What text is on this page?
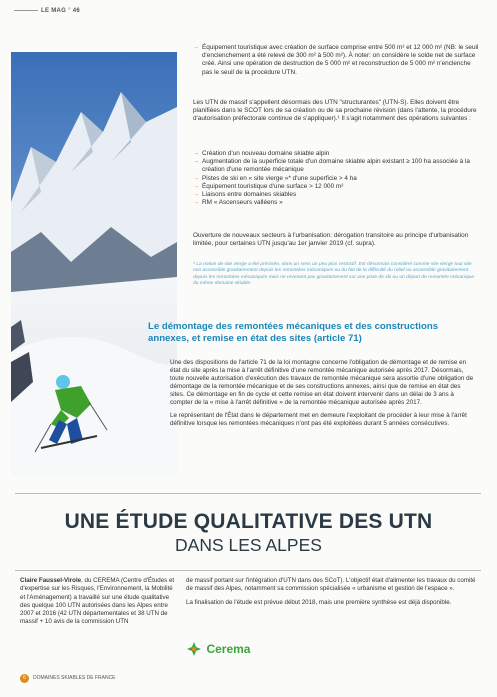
LE MAG ° 46
→ Équipement touristique avec création de surface comprise entre 500 m² et 12 000 m² (NB: le seuil d'enclenchement a été relevé de 300 m² à 500 m²). À noter: on considère le solde net de surface créé. Ainsi une opération de destruction de 5 000 m² et reconstruction de 5 000 m² n'enclenche pas le seuil de la procédure UTN.
Les UTN de massif s'appellent désormais des UTN "structurantes" (UTN-S). Elles doivent être planifiées dans le SCOT lors de sa création ou de sa prochaine révision (dans l'attente, la procédure d'autorisation préfectorale continue de s'appliquer).¹ Il s'agit notamment des opérations suivantes :
→ Création d'un nouveau domaine skiable alpin
→ Augmentation de la superficie totale d'un domaine skiable alpin existant ≥ 100 ha associée à la création d'une remontée mécanique
→ Pistes de ski en « site vierge »* d'une superficie > 4 ha
→ Équipement touristique d'une surface > 12 000 m²
→ Liaisons entre domaines skiables
→ RM « Ascenseurs valléens »
Ouverture de nouveaux secteurs à l'urbanisation: dérogation transitoire au principe d'urbanisation limitée, pour certaines UTN jusqu'au 1er janvier 2019 (cf. supra).
* La notion de site vierge a été précisée, dans un sens un peu plus restrictif. Est désormais considéré comme site vierge tout site non accessible gravitairement depuis les remontées mécaniques ou du fait de la difficulté du relief ou accessible gravitairement depuis les remontées mécaniques mais ne revenant pas gravitairement sur une piste de ski ou un départ de remontée mécanique du même domaine skiable.
Le démontage des remontées mécaniques et des constructions annexes, et remise en état des sites (article 71)

Une des dispositions de l'article 71 de la loi montagne concerne l'obligation de démontage et de remise en état du site après la mise à l'arrêt définitive d'une remontée mécanique autorisée après 2017. Désormais, toute nouvelle autorisation d'exécution des travaux de remontée mécanique sera assortie d'une obligation de démontage de la remontée mécanique et de ses constructions annexes, ainsi que de remise en état des sites. Ce démontage en fin de cycle et cette remise en état doivent intervenir dans un délai de 3 ans à compter de la « mise à l'arrêt définitive » de la remontée mécanique autorisée après 2017.

Le représentant de l'État dans le département met en demeure l'exploitant de procéder à leur mise à l'arrêt définitive lorsque les remontées mécaniques n'ont pas été exploitées durant 5 années consécutives.

UNE ÉTUDE QUALITATIVE DES UTN
DANS LES ALPES
Claire Faussel-Virole, du CEREMA (Centre d'Études et d'expertise sur les Risques, l'Environnement, la Mobilité et l'Aménagement) a travaillé sur une étude qualitative des quelque 100 UTN autorisées dans les Alpes entre 2007 et 2016 (42 UTN départementales et 38 UTN de massif + 10 avis de la commission UTN

de massif portant sur l'intégration d'UTN dans des SCoT). L'objectif était d'alimenter les travaux du comité de massif des Alpes, notamment sa commission spécialisée « urbanisme et gestion de l'espace ».

La finalisation de l'étude est prévue début 2018, mais une première synthèse est déjà disponible.

Cerema
6 DOMAINES SKIABLES DE FRANCE
